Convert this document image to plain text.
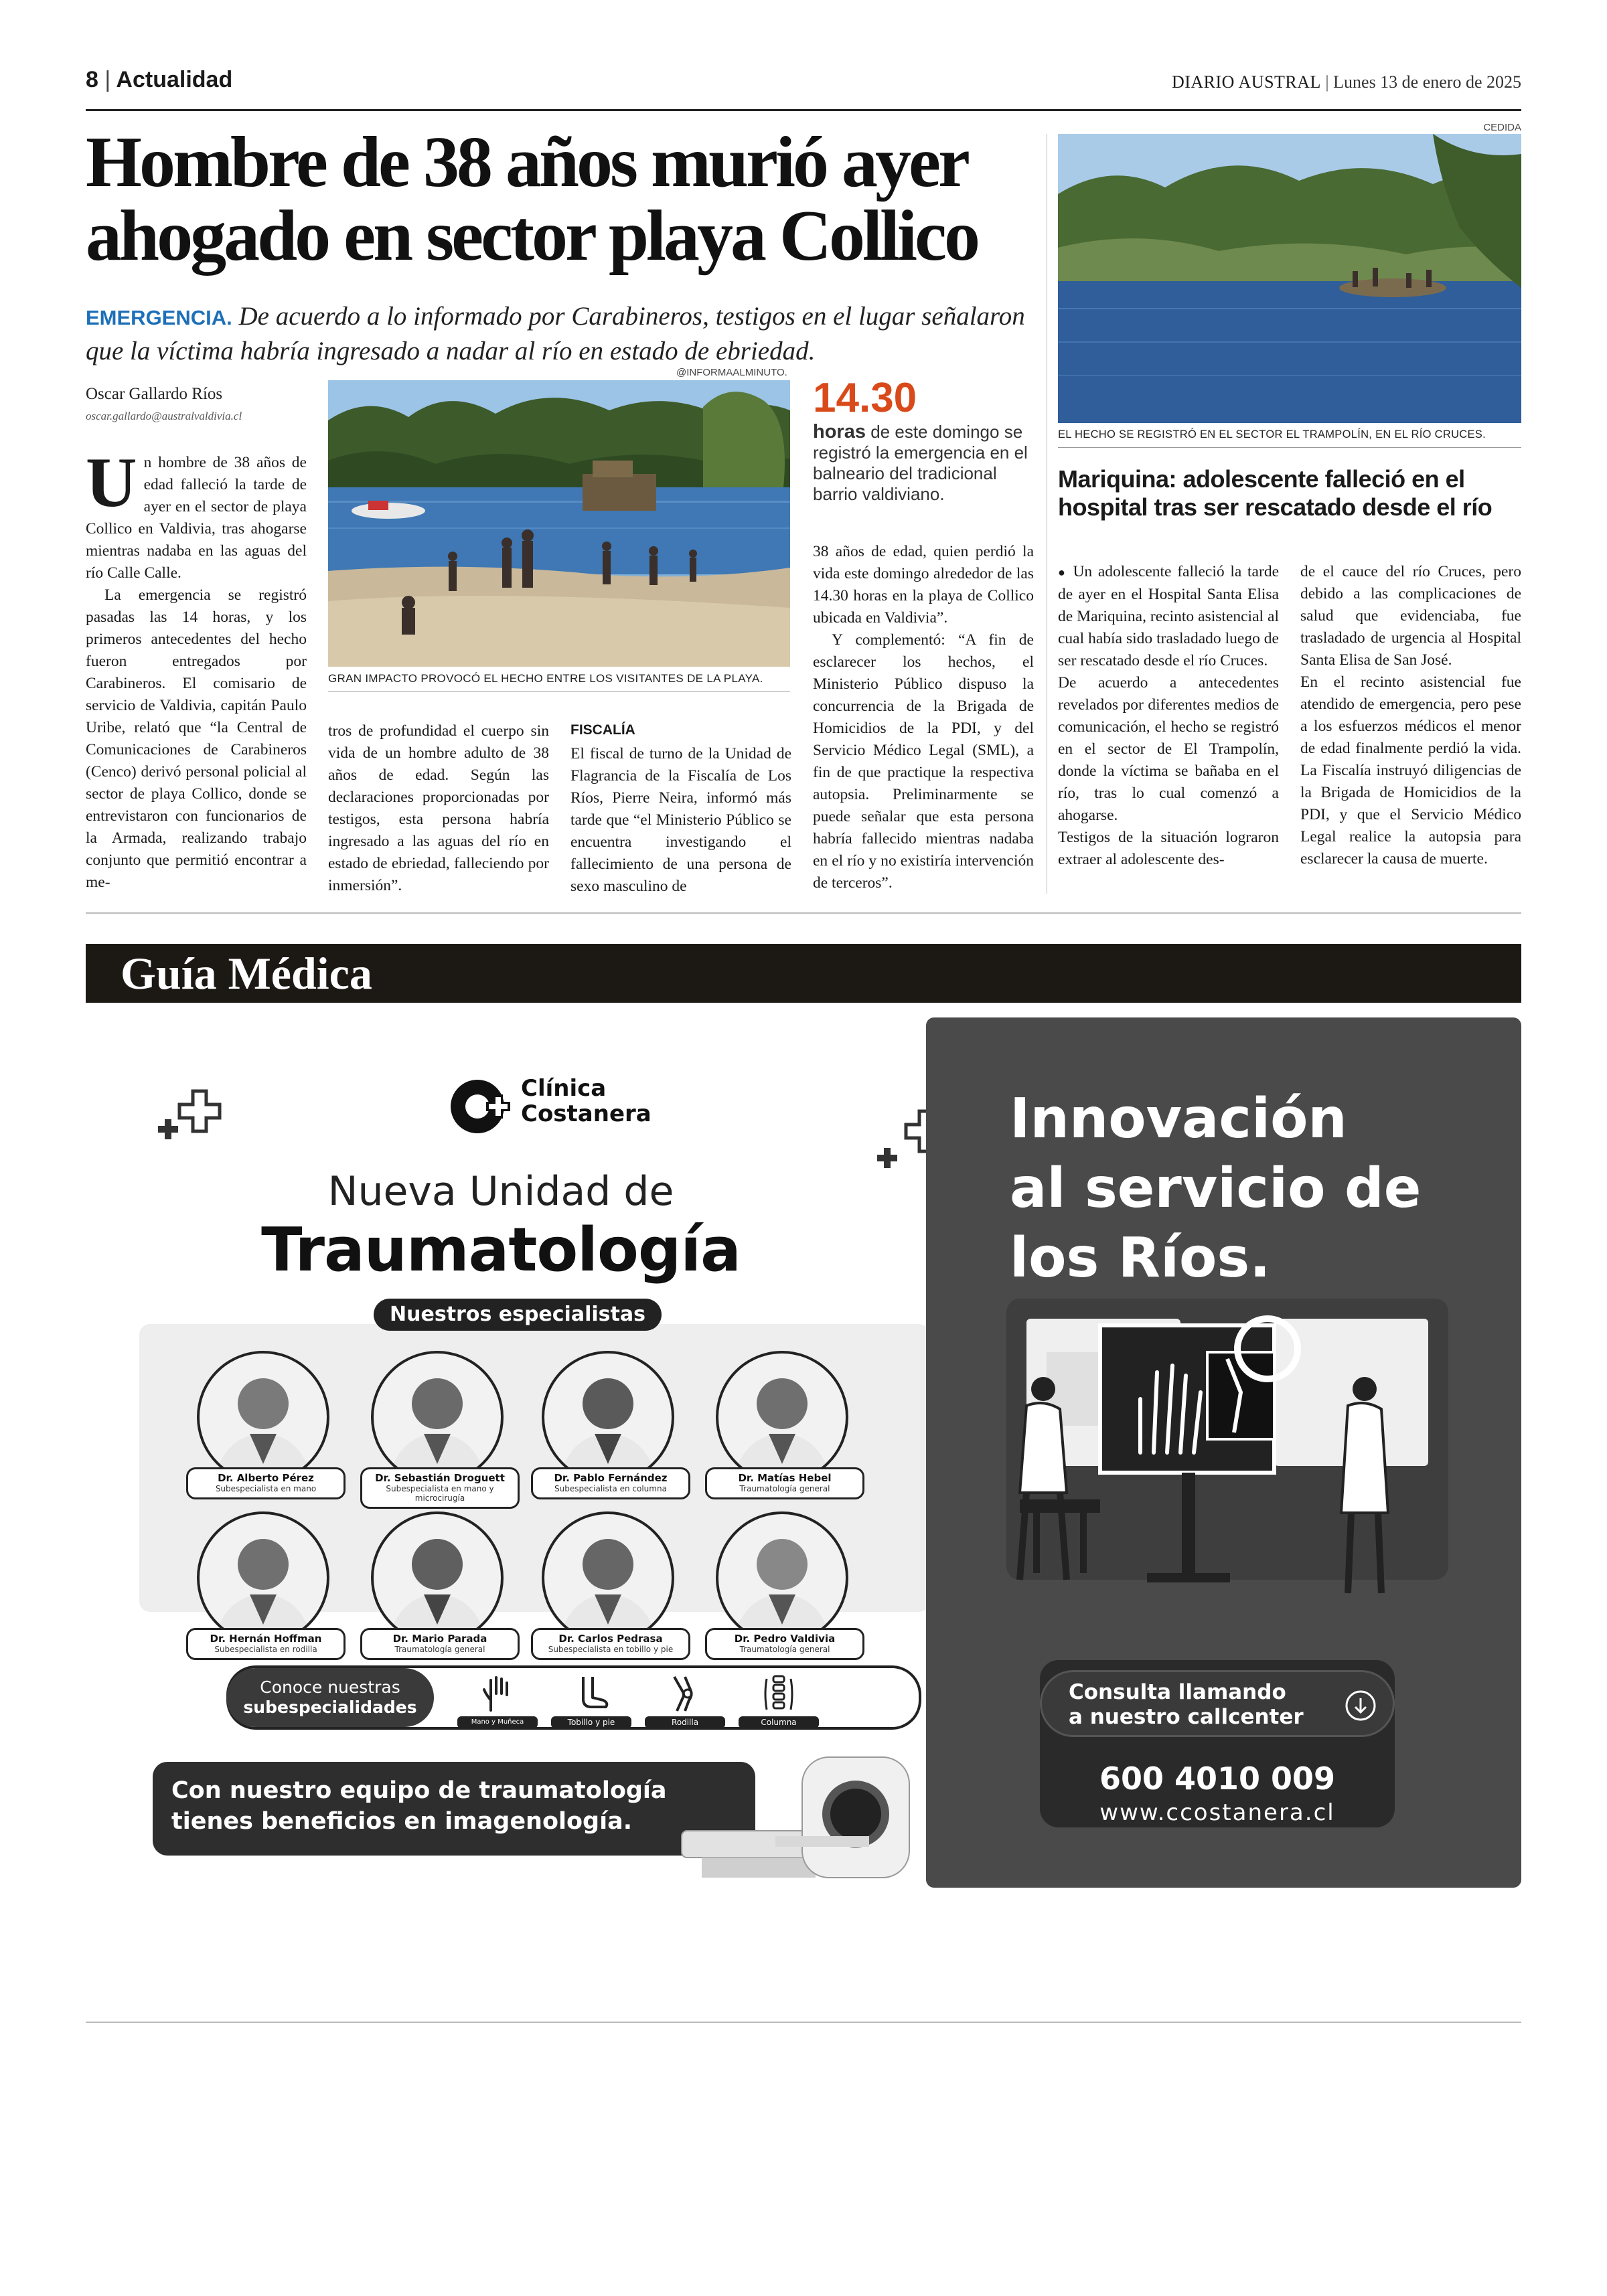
8 | Actualidad	DIARIO AUSTRAL | Lunes 13 de enero de 2025
Hombre de 38 años murió ayer
ahogado en sector playa Collico
EMERGENCIA. De acuerdo a lo informado por Carabineros, testigos en el lugar señalaron que la víctima habría ingresado a nadar al río en estado de ebriedad.
Oscar Gallardo Ríos
oscar.gallardo@australvaldivia.cl
@INFORMAALMINUTO.
GRAN IMPACTO PROVOCÓ EL HECHO ENTRE LOS VISITANTES DE LA PLAYA.

Un hombre de 38 años de edad falleció la tarde de ayer en el sector de playa Collico en Valdivia, tras ahogarse mientras nadaba en las aguas del río Calle Calle.

La emergencia se registró pasadas las 14 horas, y los primeros antecedentes del hecho fueron entregados por Carabineros. El comisario de servicio de Valdivia, capitán Paulo Uribe, relató que “la Central de Comunicaciones de Carabineros (Cenco) derivó personal policial al sector de playa Collico, donde se entrevistaron con funcionarios de la Armada, realizando trabajo conjunto que permitió encontrar a me-

tros de profundidad el cuerpo sin vida de un hombre adulto de 38 años de edad. Según las declaraciones proporcionadas por testigos, esta persona habría ingresado a las aguas del río en estado de ebriedad, falleciendo por inmersión”.

FISCALÍA

El fiscal de turno de la Unidad de Flagrancia de la Fiscalía de Los Ríos, Pierre Neira, informó más tarde que “el Ministerio Público se encuentra investigando el fallecimiento de una persona de sexo masculino de

14.30
horas de este domingo se registró la emergencia en el balneario del tradicional barrio valdiviano.

38 años de edad, quien perdió la vida este domingo alrededor de las 14.30 horas en la playa de Collico ubicada en Valdivia”.

Y complementó: “A fin de esclarecer los hechos, el Ministerio Público dispuso la concurrencia de la Brigada de Homicidios de la PDI, y del Servicio Médico Legal (SML), a fin de que practique la respectiva autopsia. Preliminarmente se puede señalar que esta persona habría fallecido mientras nadaba en el río y no existiría intervención de terceros”.

CEDIDA
EL HECHO SE REGISTRÓ EN EL SECTOR EL TRAMPOLÍN, EN EL RÍO CRUCES.
Mariquina: adolescente falleció en el hospital tras ser rescatado desde el río

● Un adolescente falleció la tarde de ayer en el Hospital Santa Elisa de Mariquina, recinto asistencial al cual había sido trasladado luego de ser rescatado desde el río Cruces.

De acuerdo a antecedentes revelados por diferentes medios de comunicación, el hecho se registró en el sector de El Trampolín, donde la víctima se bañaba en el río, tras lo cual comenzó a ahogarse.

Testigos de la situación lograron extraer al adolescente des-

de el cauce del río Cruces, pero debido a las complicaciones de salud que evidenciaba, fue trasladado de urgencia al Hospital Santa Elisa de San José.

En el recinto asistencial fue atendido de emergencia, pero pese a los esfuerzos médicos el menor de edad finalmente perdió la vida. La Fiscalía instruyó diligencias de la Brigada de Homicidios de la PDI, y que el Servicio Médico Legal realice la autopsia para esclarecer la causa de muerte.

Guía Médica
Clínica
Costanera
Nueva Unidad de
Traumatología
Nuestros especialistas
Dr. Alberto Pérez
Subespecialista en mano
Dr. Sebastián Droguett
Subespecialista en mano y microcirugía
Dr. Pablo Fernández
Subespecialista en columna
Dr. Matías Hebel
Traumatología general
Dr. Hernán Hoffman
Subespecialista en rodilla
Dr. Mario Parada
Traumatología general
Dr. Carlos Pedrasa
Subespecialista en tobillo y pie
Dr. Pedro Valdivia
Traumatología general
Conoce nuestras
subespecialidades
Mano y Muñeca	Tobillo y pie	Rodilla	Columna
Con nuestro equipo de traumatología
tienes beneficios en imagenología.
Innovación
al servicio de
los Ríos.
Consulta llamando
a nuestro callcenter
600 4010 009
www.ccostanera.cl
